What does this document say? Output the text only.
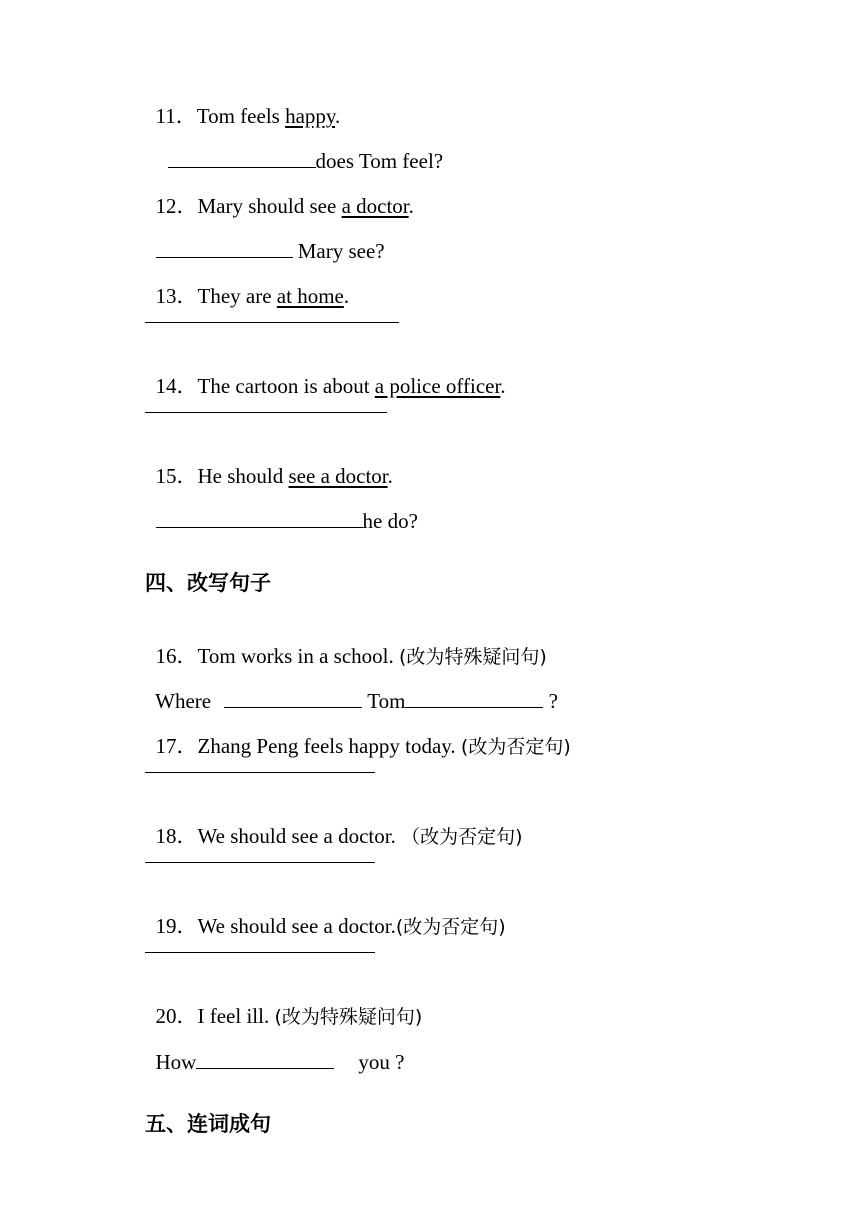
11．Tom feels happy.

does Tom feel?

12．Mary should see a doctor.

Mary see?

13．They are at home.

14．The cartoon is about a police officer.

15．He should see a doctor.

he do?

四、改写句子

16．Tom works in a school. (改为特殊疑问句)

Where	Tom	?

17．Zhang Peng feels happy today. (改为否定句)

18．We should see a doctor. （改为否定句)

19．We should see a doctor.(改为否定句)

20．I feel ill. (改为特殊疑问句)

How	you ?

五、连词成句
